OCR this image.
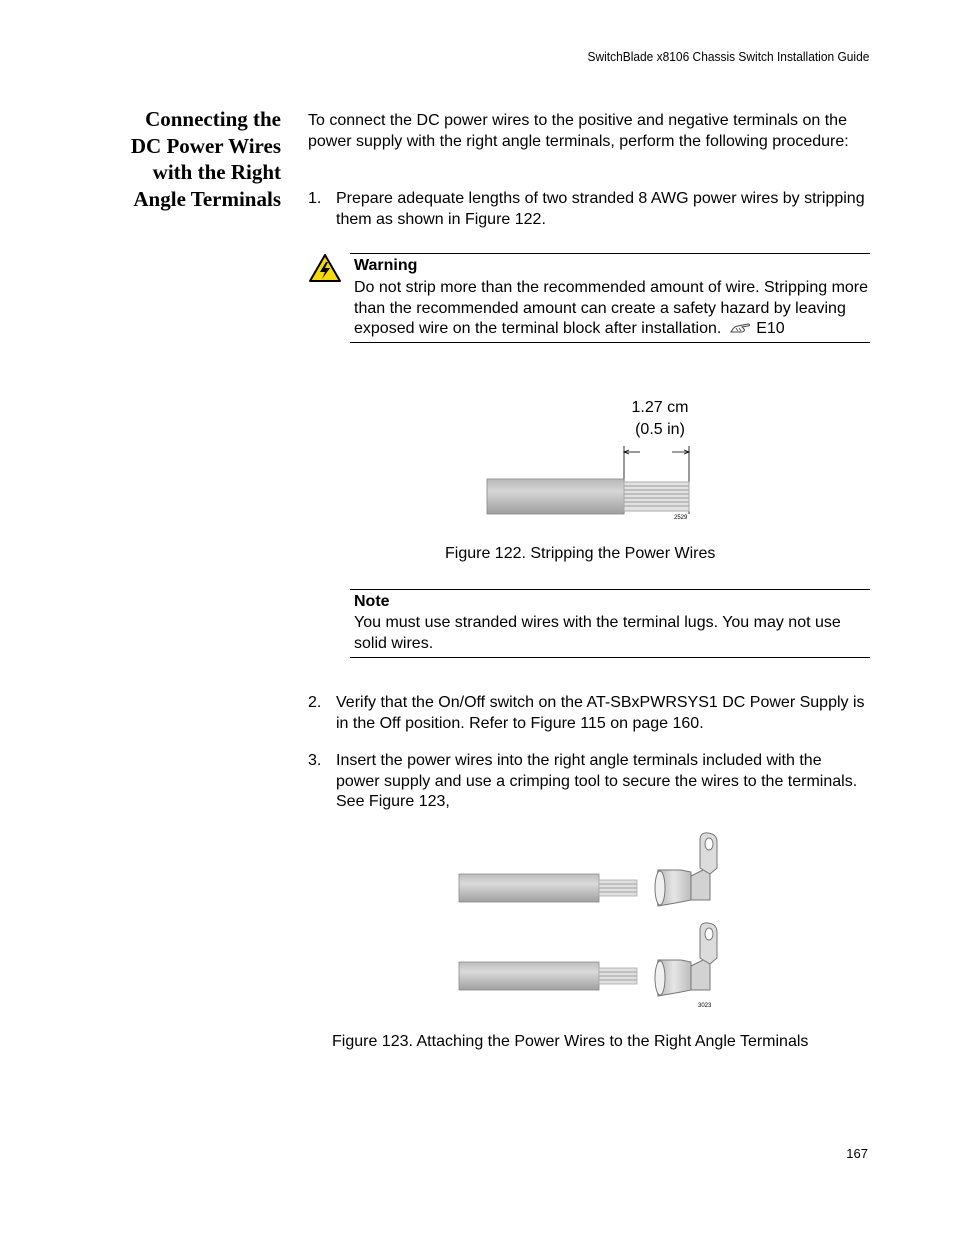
SwitchBlade x8106 Chassis Switch Installation Guide
Connecting the
DC Power Wires
with the Right
Angle Terminals
To connect the DC power wires to the positive and negative terminals on the power supply with the right angle terminals, perform the following procedure:
1. Prepare adequate lengths of two stranded 8 AWG power wires by stripping them as shown in Figure 122.
Warning
Do not strip more than the recommended amount of wire. Stripping more than the recommended amount can create a safety hazard by leaving exposed wire on the terminal block after installation. E10
1.27 cm
(0.5 in)
2529
Figure 122. Stripping the Power Wires
Note
You must use stranded wires with the terminal lugs. You may not use solid wires.
2. Verify that the On/Off switch on the AT-SBxPWRSYS1 DC Power Supply is in the Off position. Refer to Figure 115 on page 160.
3. Insert the power wires into the right angle terminals included with the power supply and use a crimping tool to secure the wires to the terminals. See Figure 123,
3023
Figure 123. Attaching the Power Wires to the Right Angle Terminals
167
